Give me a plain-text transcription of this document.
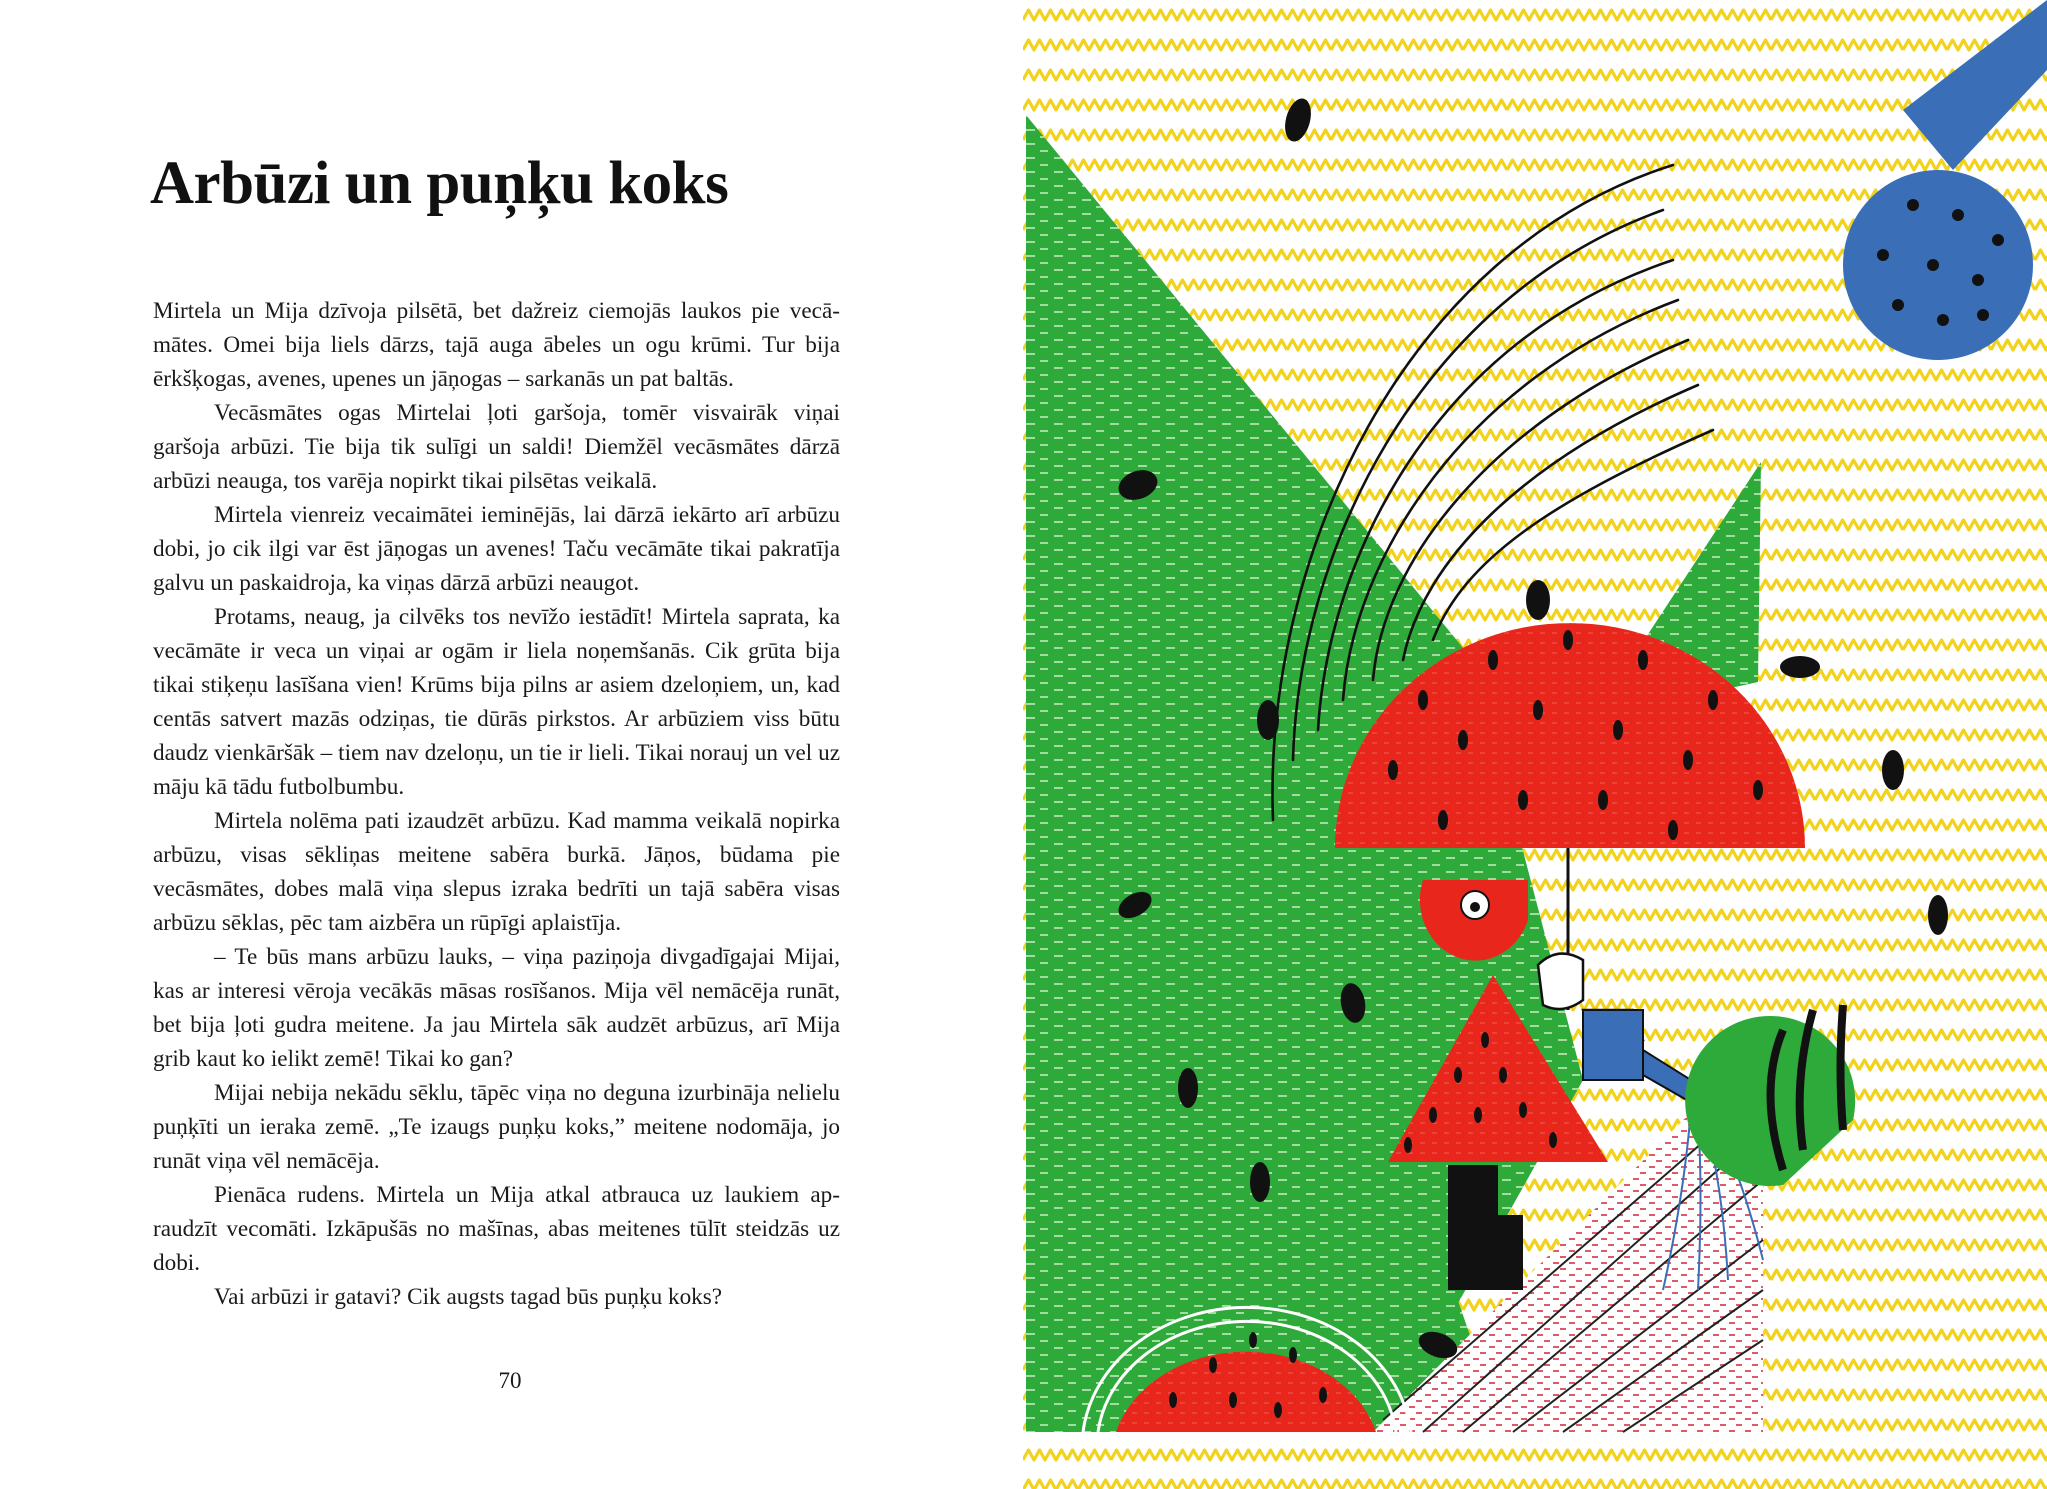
Arbūzi un puņķu koks

Mirtela un Mija dzīvoja pilsētā, bet dažreiz ciemojās laukos pie vecāmātes. Omei bija liels dārzs, tajā auga ābeles un ogu krūmi. Tur bija ērkšķogas, avenes, upenes un jāņogas – sarkanās un pat baltās.

Vecāsmātes ogas Mirtelai ļoti garšoja, tomēr visvairāk viņai garšoja arbūzi. Tie bija tik sulīgi un saldi! Diemžēl vecāsmātes dārzā arbūzi neauga, tos varēja nopirkt tikai pilsētas veikalā.

Mirtela vienreiz vecaimātei ieminējās, lai dārzā iekārto arī arbūzu dobi, jo cik ilgi var ēst jāņogas un avenes! Taču vecāmāte tikai pakratīja galvu un paskaidroja, ka viņas dārzā arbūzi neaugot.

Protams, neaug, ja cilvēks tos nevīžo iestādīt! Mirtela saprata, ka vecāmāte ir veca un viņai ar ogām ir liela noņemšanās. Cik grūta bija tikai stiķeņu lasīšana vien! Krūms bija pilns ar asiem dzeloņiem, un, kad centās satvert mazās odziņas, tie dūrās pirkstos. Ar arbūziem viss būtu daudz vienkāršāk – tiem nav dzeloņu, un tie ir lieli. Tikai norauj un vel uz māju kā tādu futbolbumbu.

Mirtela nolēma pati izaudzēt arbūzu. Kad mamma veikalā nopirka arbūzu, visas sēkliņas meitene sabēra burkā. Jāņos, būdama pie vecāsmātes, dobes malā viņa slepus izraka bedrīti un tajā sabēra visas arbūzu sēklas, pēc tam aizbēra un rūpīgi aplaistīja.

– Te būs mans arbūzu lauks, – viņa paziņoja divgadīgajai Mijai, kas ar interesi vēroja vecākās māsas rosīšanos. Mija vēl nemācēja runāt, bet bija ļoti gudra meitene. Ja jau Mirtela sāk audzēt arbūzus, arī Mija grib kaut ko ielikt zemē! Tikai ko gan?

Mijai nebija nekādu sēklu, tāpēc viņa no deguna izurbināja nelielu puņķīti un ieraka zemē. „Te izaugs puņķu koks,” meitene nodomāja, jo runāt viņa vēl nemācēja.

Pienāca rudens. Mirtela un Mija atkal atbrauca uz laukiem apraudzīt vecomāti. Izkāpušās no mašīnas, abas meitenes tūlīt steidzās uz dobi.

Vai arbūzi ir gatavi? Cik augsts tagad būs puņķu koks?

70
